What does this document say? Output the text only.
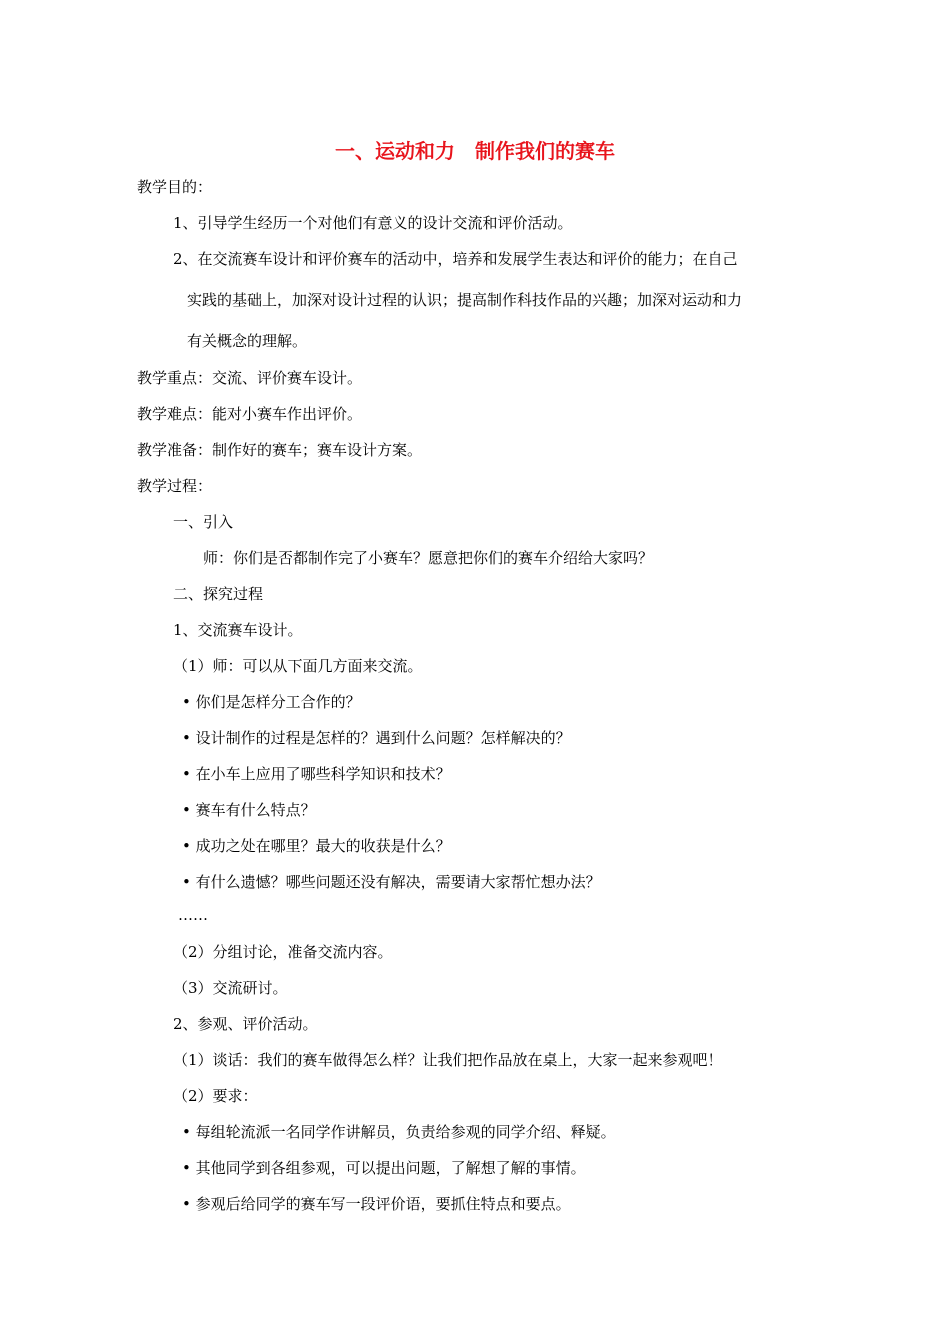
一、运动和力　制作我们的赛车
教学目的：
1、引导学生经历一个对他们有意义的设计交流和评价活动。
2、在交流赛车设计和评价赛车的活动中，培养和发展学生表达和评价的能力；在自己
实践的基础上，加深对设计过程的认识；提高制作科技作品的兴趣；加深对运动和力
有关概念的理解。
教学重点：交流、评价赛车设计。
教学难点：能对小赛车作出评价。
教学准备：制作好的赛车；赛车设计方案。
教学过程：
一、引入
师：你们是否都制作完了小赛车？愿意把你们的赛车介绍给大家吗？
二、探究过程
1、交流赛车设计。
（1）师：可以从下面几方面来交流。
• 你们是怎样分工合作的？
• 设计制作的过程是怎样的？遇到什么问题？怎样解决的？
• 在小车上应用了哪些科学知识和技术？
• 赛车有什么特点？
• 成功之处在哪里？最大的收获是什么？
• 有什么遗憾？哪些问题还没有解决，需要请大家帮忙想办法？
……
（2）分组讨论，准备交流内容。
（3）交流研讨。
2、参观、评价活动。
（1）谈话：我们的赛车做得怎么样？让我们把作品放在桌上，大家一起来参观吧！
（2）要求：
• 每组轮流派一名同学作讲解员，负责给参观的同学介绍、释疑。
• 其他同学到各组参观，可以提出问题，了解想了解的事情。
• 参观后给同学的赛车写一段评价语，要抓住特点和要点。
